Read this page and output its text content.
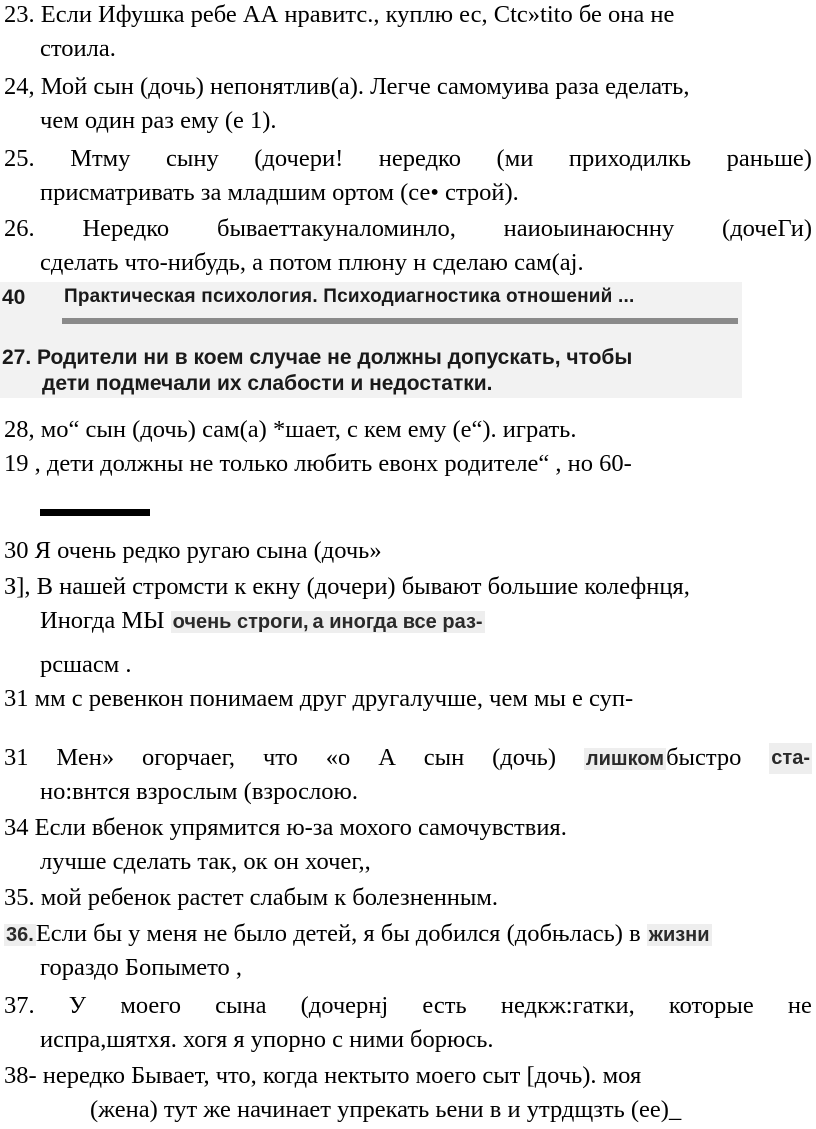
23. Если Ифушка ребе АА нравитс., куплю ес, Ctc»tito бе она не
стоила.
24, Мой сын (дочь) непонятлив(а). Легче самомуива раза еделать,
чем один раз ему (е 1).
25. Мтму сыну (дочери! нередко (ми приходилкь раньше)
присматривать за младшим ортом (се• строй).
26. Нередко бываеттакуналоминло, наиоыинаюснну (дочеГи)
сделать что-нибудь, а потом плюну н сделаю сам(аj.
40 Практическая психология. Психодиагностика отношений ...
27. Родители ни в коем случае не должны допускать, чтобы
дети подмечали их слабости и недостатки.
28, мо“ сын (дочь) сам(а) *шает, с кем ему (е“). играть.
19 , дети должны не только любить евонх родителе“ , но 60-
30 Я очень редко ругаю сына (дочь»
З], В нашей стромсти к екну (дочери) бывают большие колефнця,
Иногда МЫ очень строги, а иногда все раз-
рсшасм .
31 мм с ревенкон понимаем друг другалучше, чем мы е суп-
31 Мен» огорчаег, что «о А сын (дочь) лишкомбыстро ста-
но:внтся взрослым (взрослою.
34 Если вбенок упрямится ю-за мохого самочувствия.
лучше сделать так, ок он хочег,,
35. мой ребенок растет слабым к болезненным.
36.Если бы у меня не было детей, я бы добился (добњлась) в жизни
гораздо Бопымето ,
37. У моего сына (дочернј есть недкж:гатки, которые не
испра,шятхя. хогя я упорно с ними борюсь.
38- нередко Бывает, что, когда нектыто моего сыт [дочь). моя
(жена) тут же начинает упрекать ьени в и утрдщзть (ее)_
